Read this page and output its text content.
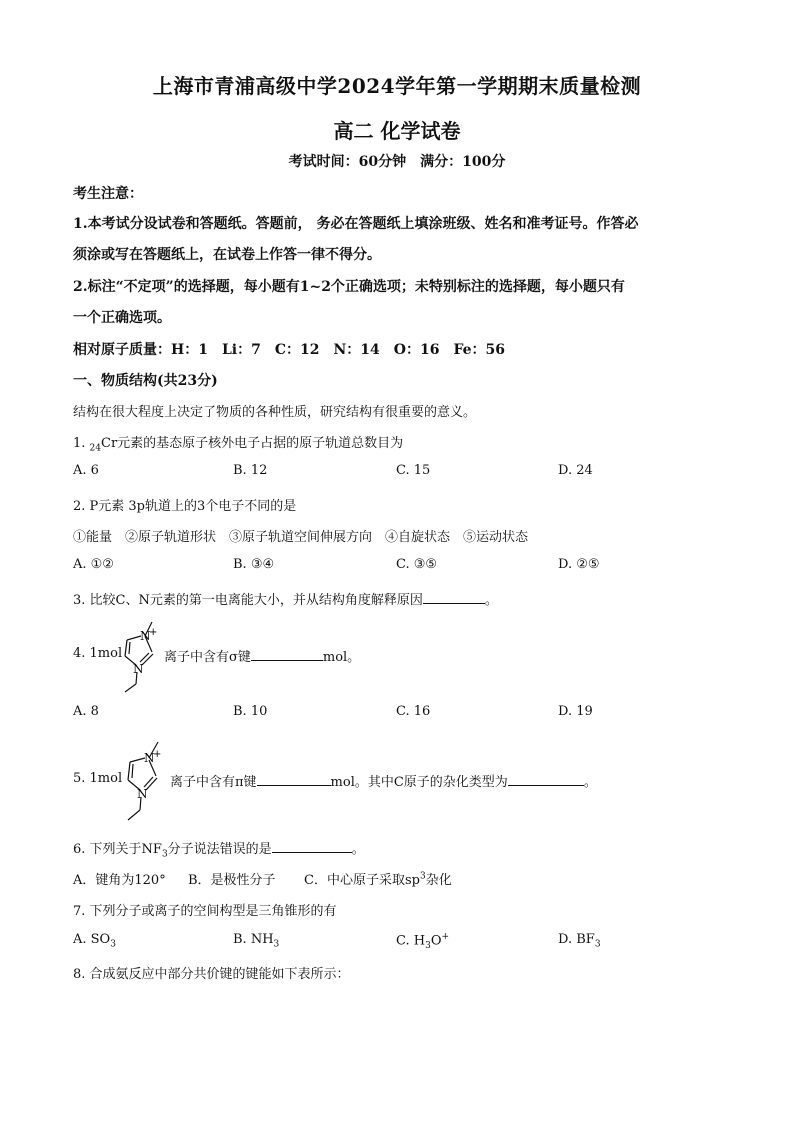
上海市青浦高级中学2024学年第一学期期末质量检测
高二 化学试卷
考试时间：60分钟　满分：100分
考生注意：
1.本考试分设试卷和答题纸。答题前， 务必在答题纸上填涂班级、姓名和准考证号。作答必
须涂或写在答题纸上，在试卷上作答一律不得分。
2.标注“不定项”的选择题，每小题有1~2个正确选项；未特别标注的选择题，每小题只有
一个正确选项。
相对原子质量：H：1　Li：7　C：12　N：14　O：16　Fe：56
一、物质结构(共23分)
结构在很大程度上决定了物质的各种性质，研究结构有很重要的意义。
1. $_{24}$Cr元素的基态原子核外电子占据的原子轨道总数目为
A. 6	B. 12	C. 15	D. 24
2. P元素 3p轨道上的3个电子不同的是
①能量　②原子轨道形状　③原子轨道空间伸展方向　④自旋状态　⑤运动状态
A. ①②	B. ③④	C. ③⑤	D. ②⑤
3. 比较C、N元素的第一电离能大小，并从结构角度解释原因	。
4. 1mol
N
+
N
离子中含有σ键	mol。
A. 8	B. 10	C. 16	D. 19
5. 1mol
N
+
N
离子中含有π键	mol。其中C原子的杂化类型为	。
6. 下列关于$NF_3$分子说法错误的是	。
A．键角为120° B．是极性分子 C．中心原子采取$sp^3$杂化
7. 下列分子或离子的空间构型是三角锥形的有
A. $SO_3$	B. $NH_3$	C. $H_3O^+$	D. $BF_3$
8. 合成氨反应中部分共价键的键能如下表所示：
